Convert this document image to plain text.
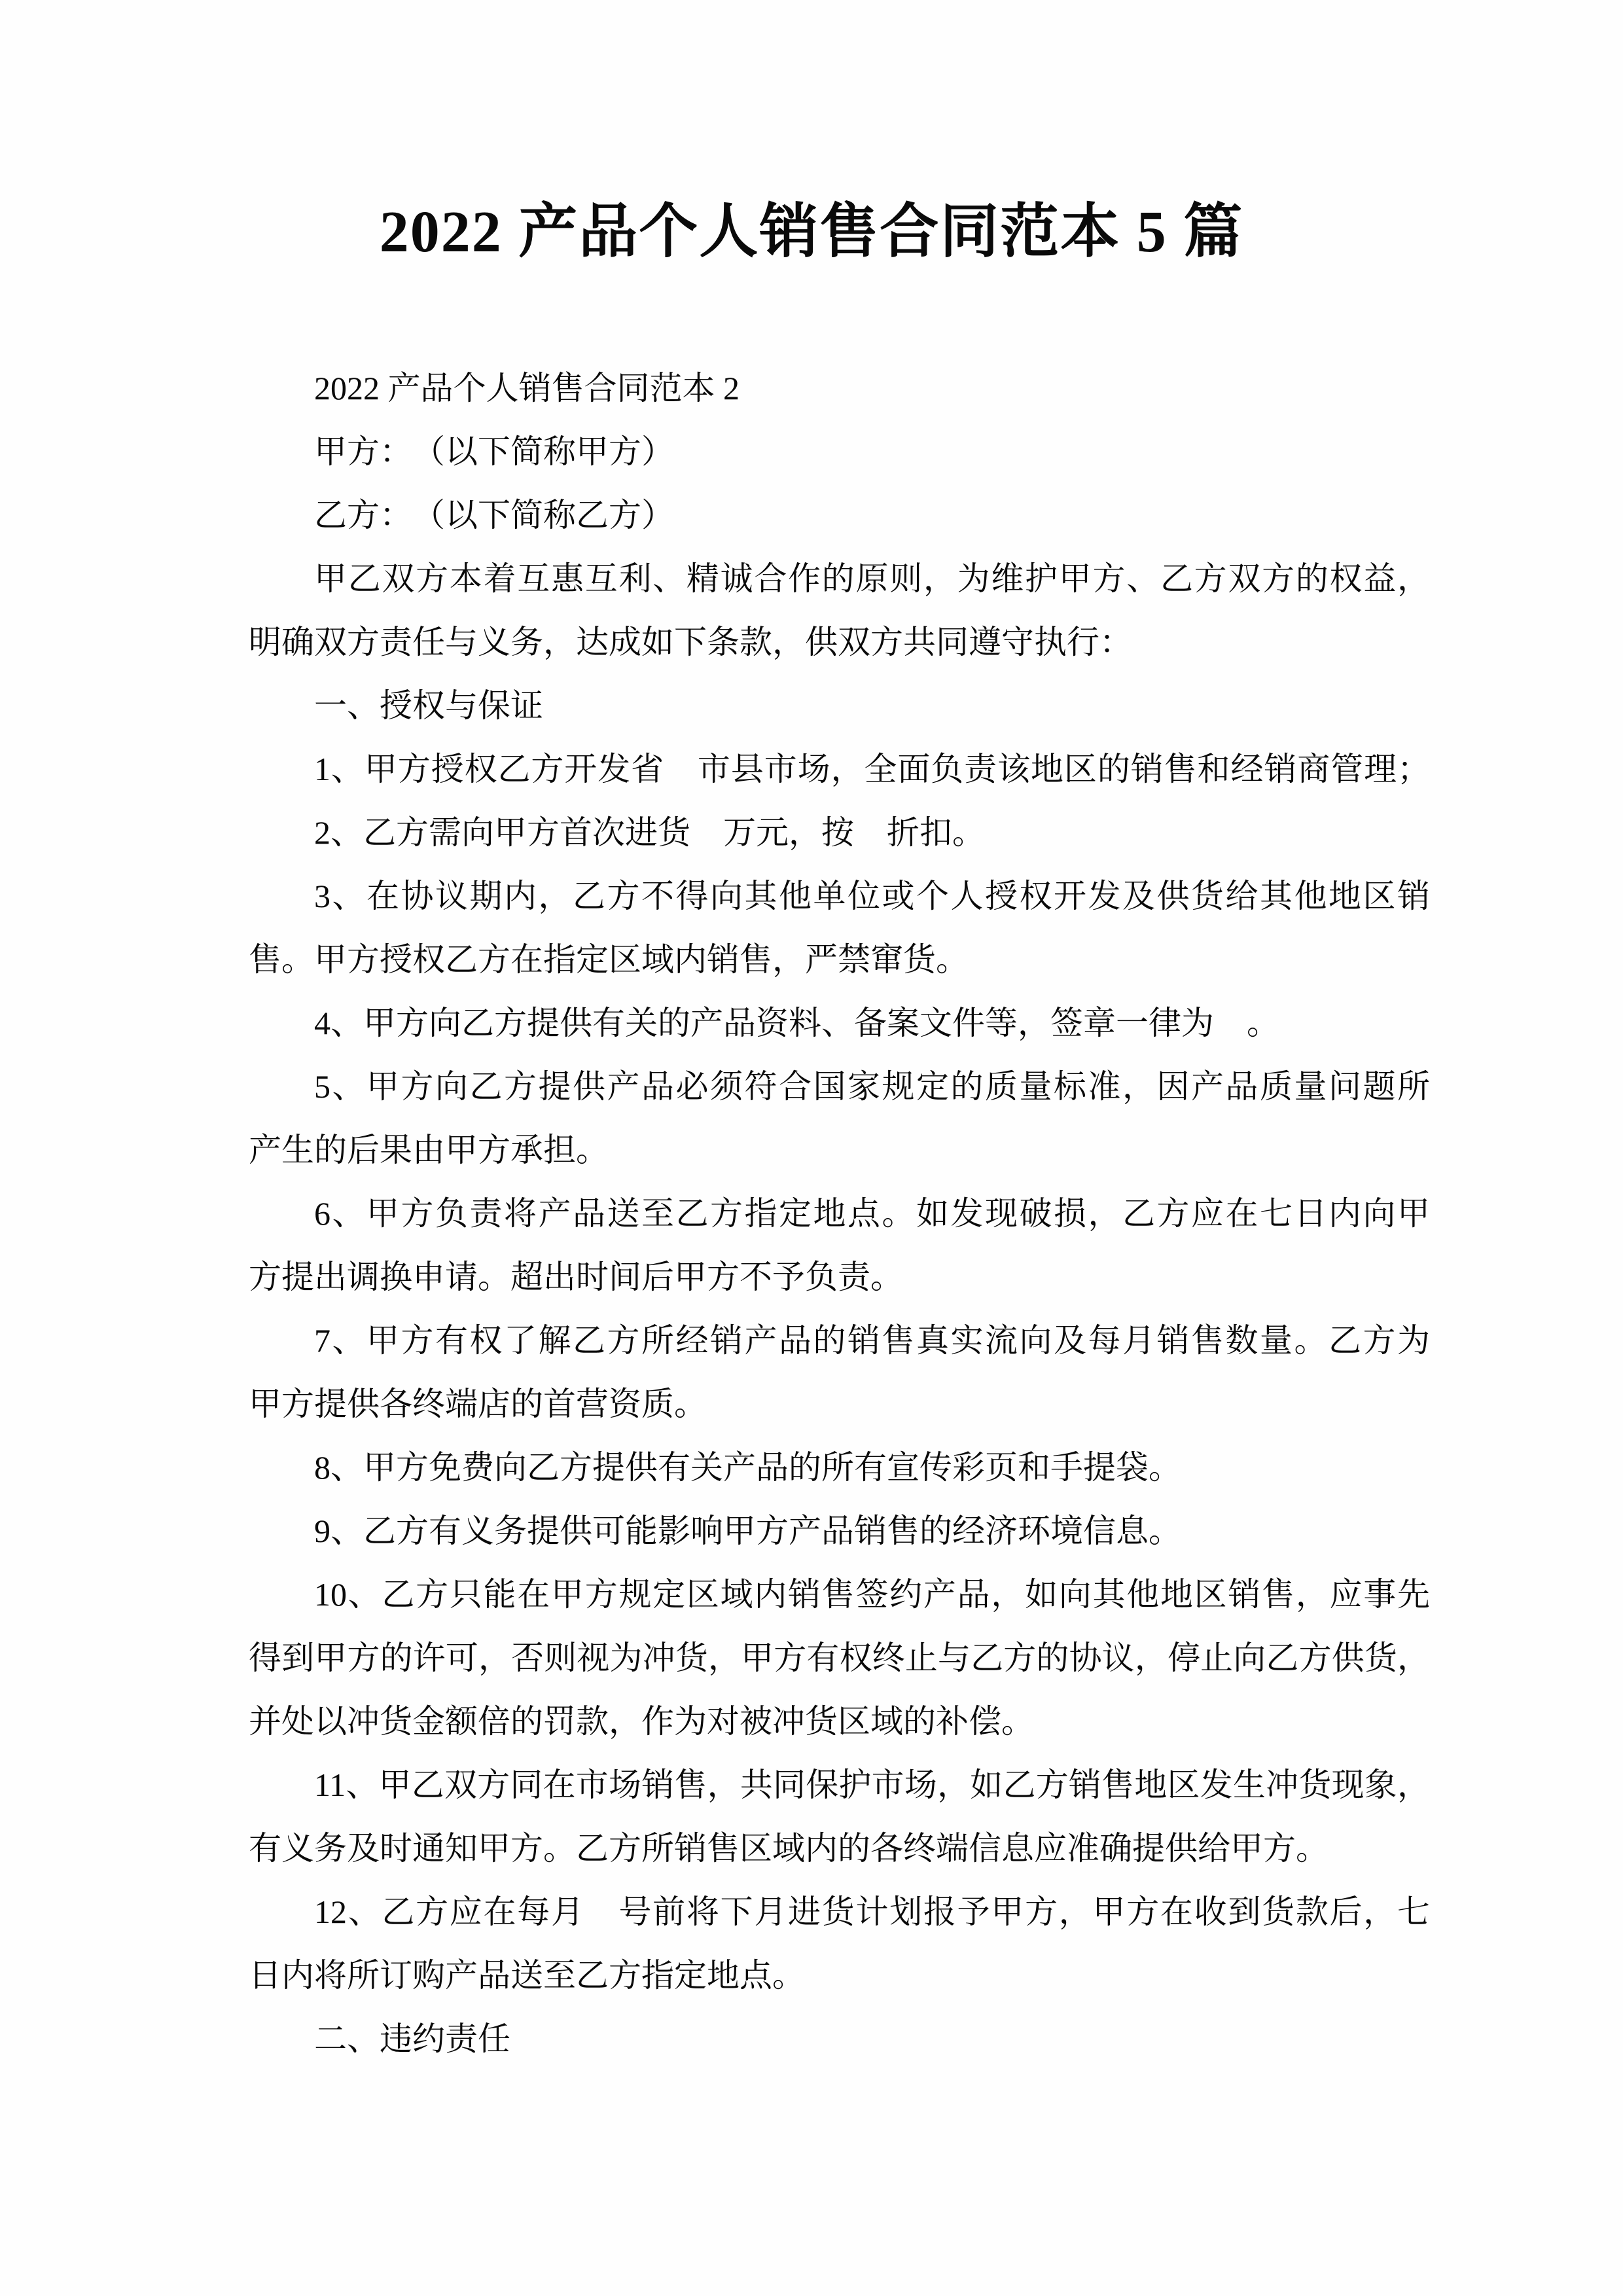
2022 产品个人销售合同范本 5 篇
2022 产品个人销售合同范本 2
甲方：　（以下简称甲方）
乙方：　（以下简称乙方）
甲乙双方本着互惠互利、精诚合作的原则，为维护甲方、乙方双方的权益，
明确双方责任与义务，达成如下条款，供双方共同遵守执行：
一、授权与保证
1、甲方授权乙方开发省　市县市场，全面负责该地区的销售和经销商管理；
2、乙方需向甲方首次进货　万元，按　折扣。
3、在协议期内，乙方不得向其他单位或个人授权开发及供货给其他地区销
售。甲方授权乙方在指定区域内销售，严禁窜货。
4、甲方向乙方提供有关的产品资料、备案文件等，签章一律为　。
5、甲方向乙方提供产品必须符合国家规定的质量标准，因产品质量问题所
产生的后果由甲方承担。
6、甲方负责将产品送至乙方指定地点。如发现破损，乙方应在七日内向甲
方提出调换申请。超出时间后甲方不予负责。
7、甲方有权了解乙方所经销产品的销售真实流向及每月销售数量。乙方为
甲方提供各终端店的首营资质。
8、甲方免费向乙方提供有关产品的所有宣传彩页和手提袋。
9、乙方有义务提供可能影响甲方产品销售的经济环境信息。
10、乙方只能在甲方规定区域内销售签约产品，如向其他地区销售，应事先
得到甲方的许可，否则视为冲货，甲方有权终止与乙方的协议，停止向乙方供货，
并处以冲货金额倍的罚款，作为对被冲货区域的补偿。
11、甲乙双方同在市场销售，共同保护市场，如乙方销售地区发生冲货现象，
有义务及时通知甲方。乙方所销售区域内的各终端信息应准确提供给甲方。
12、乙方应在每月　号前将下月进货计划报予甲方，甲方在收到货款后，七
日内将所订购产品送至乙方指定地点。
二、违约责任
